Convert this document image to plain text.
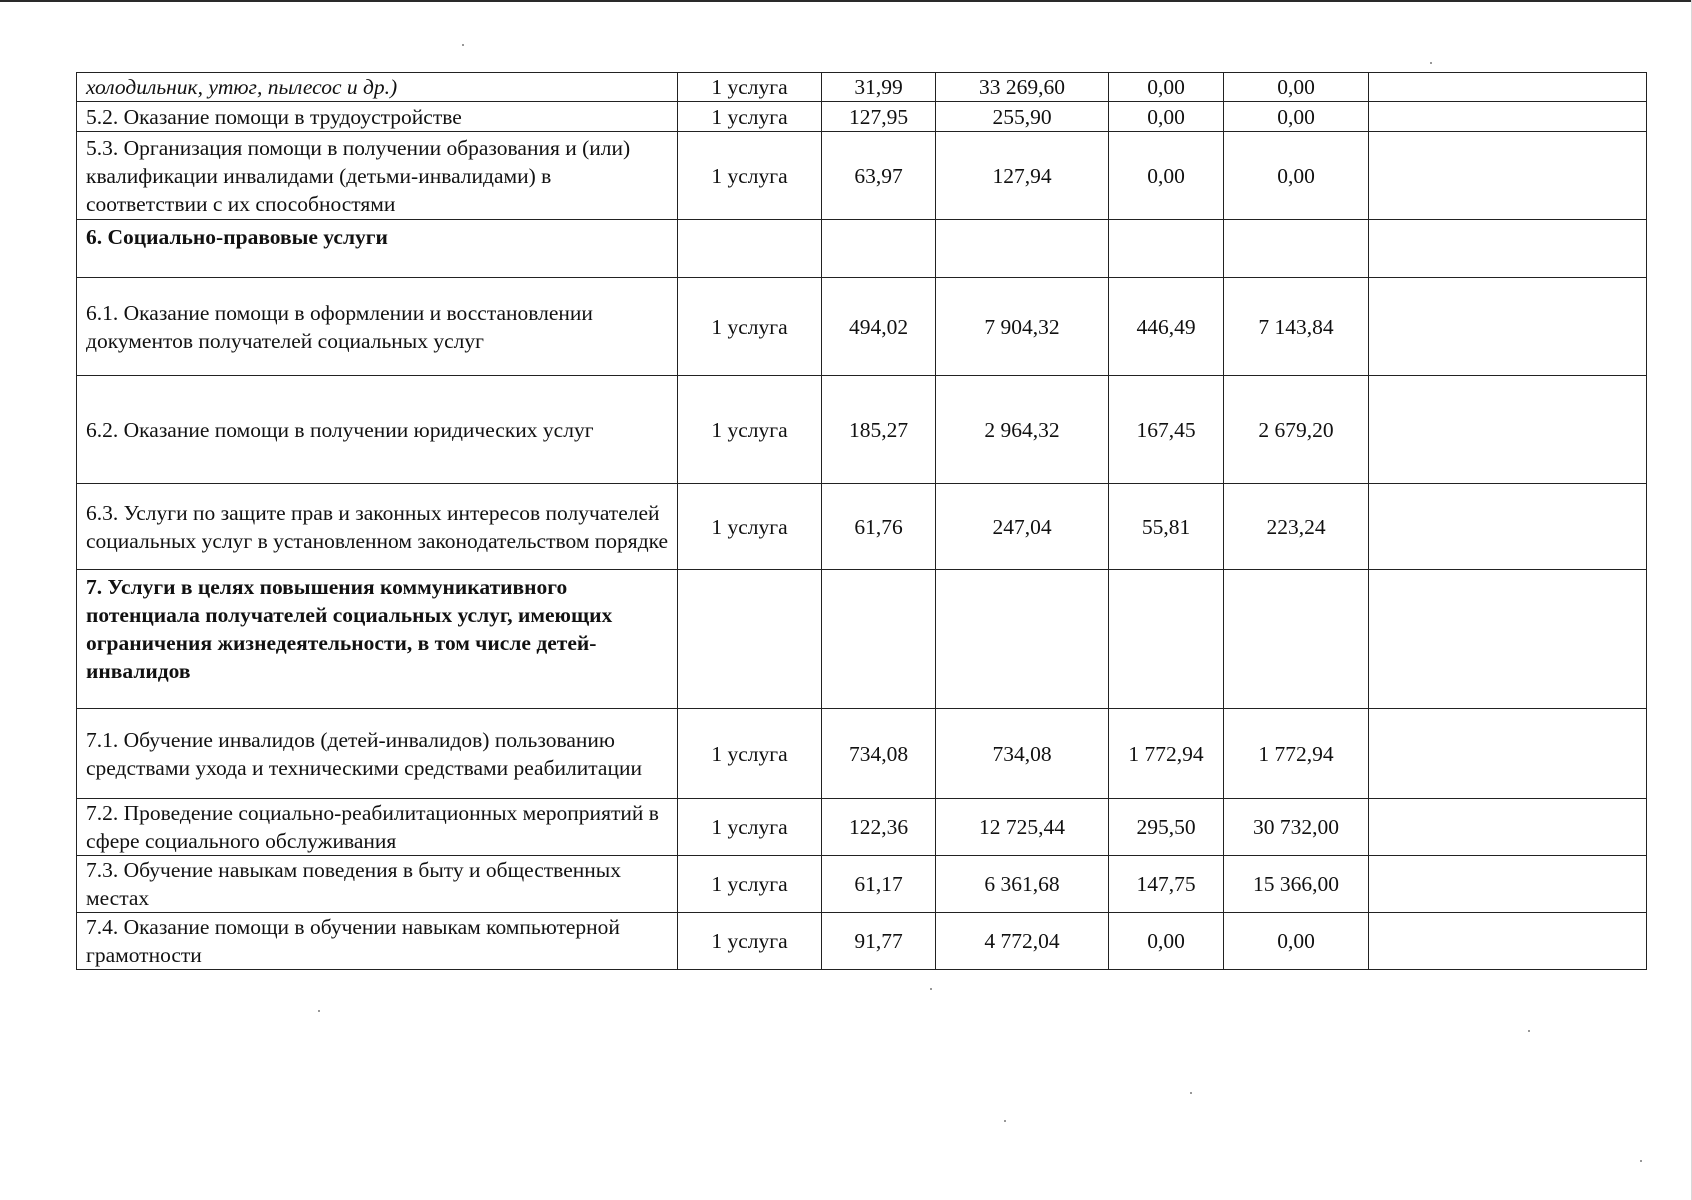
холодильник, утюг, пылесос и др.)	1 услуга	31,99	33 269,60	0,00	0,00	
5.2. Оказание помощи в трудоустройстве	1 услуга	127,95	255,90	0,00	0,00	
5.3. Организация помощи в получении образования и (или) квалификации инвалидами (детьми-инвалидами) в соответствии с их способностями	1 услуга	63,97	127,94	0,00	0,00	
6. Социально-правовые услуги						
6.1. Оказание помощи в оформлении и восстановлении документов получателей социальных услуг	1 услуга	494,02	7 904,32	446,49	7 143,84	
6.2. Оказание помощи в получении юридических услуг	1 услуга	185,27	2 964,32	167,45	2 679,20	
6.3. Услуги по защите прав и законных интересов получателей социальных услуг в установленном законодательством порядке	1 услуга	61,76	247,04	55,81	223,24	
7. Услуги в целях повышения коммуникативного потенциала получателей социальных услуг, имеющих ограничения жизнедеятельности, в том числе детей-инвалидов						
7.1. Обучение инвалидов (детей-инвалидов) пользованию средствами ухода и техническими средствами реабилитации	1 услуга	734,08	734,08	1 772,94	1 772,94	
7.2. Проведение социально-реабилитационных мероприятий в сфере социального обслуживания	1 услуга	122,36	12 725,44	295,50	30 732,00	
7.3. Обучение навыкам поведения в быту и общественных местах	1 услуга	61,17	6 361,68	147,75	15 366,00	
7.4. Оказание помощи в обучении навыкам компьютерной грамотности	1 услуга	91,77	4 772,04	0,00	0,00	
